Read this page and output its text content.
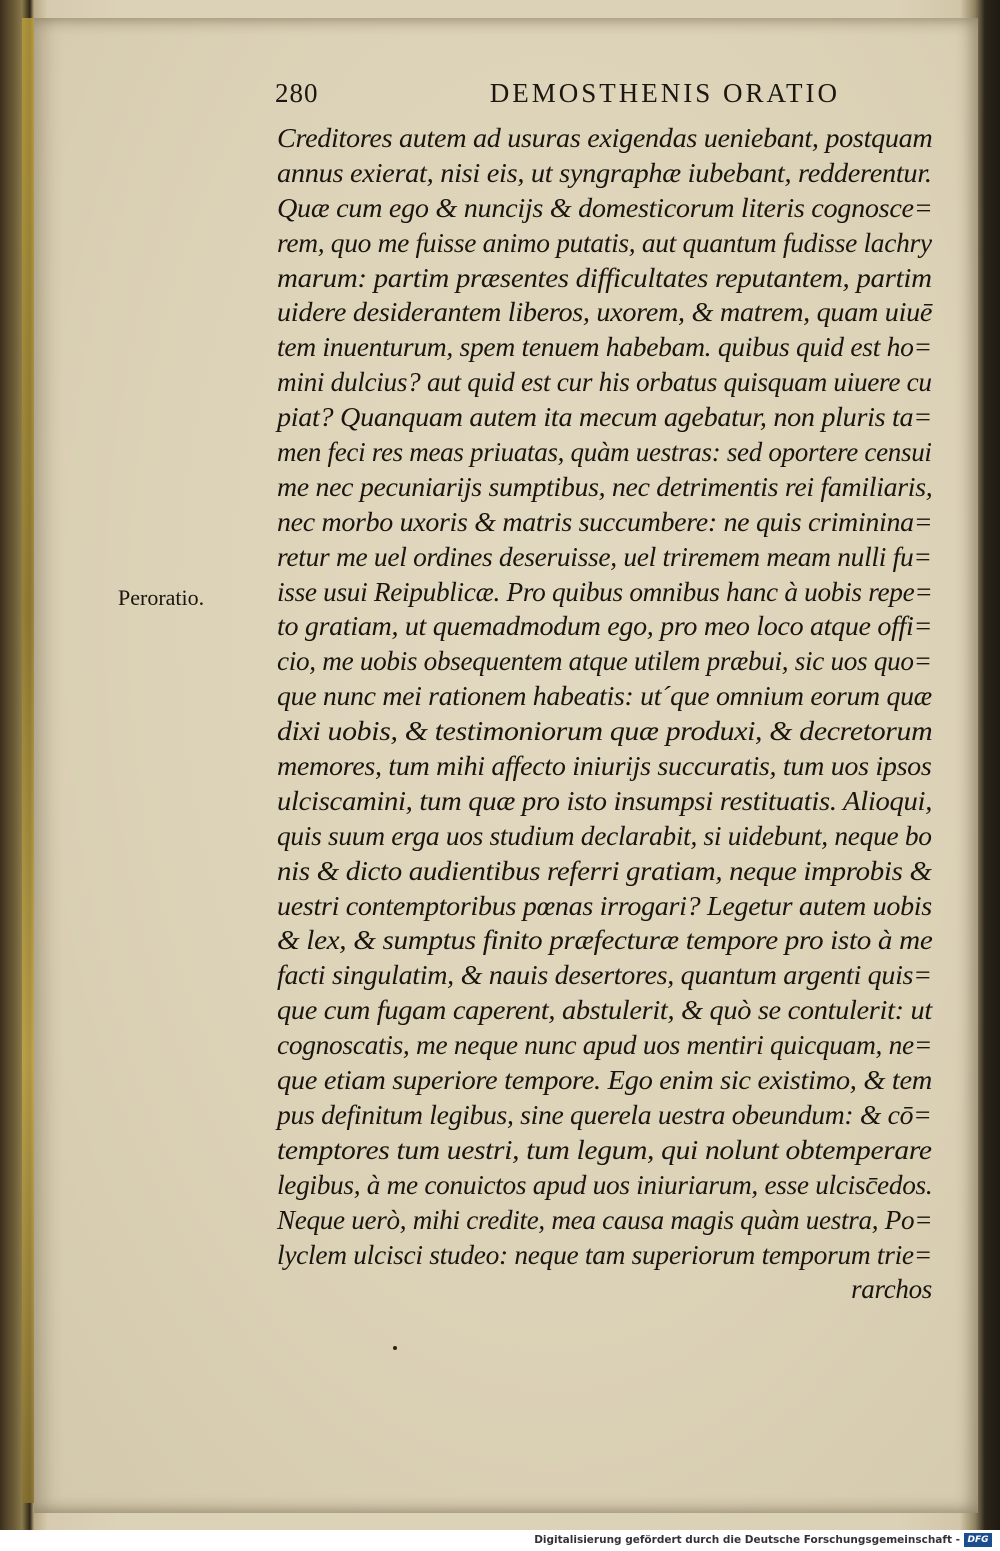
280	DEMOSTHENIS ORATIO
Peroratio.
Creditores autem ad usuras exigendas ueniebant, postquam
annus exierat, nisi eis, ut syngraphæ iubebant, redderentur.
Quæ cum ego & nuncijs & domesticorum literis cognosce=
rem, quo me fuisse animo putatis, aut quantum fudisse lachry
marum: partim præsentes difficultates reputantem, partim
uidere desiderantem liberos, uxorem, & matrem, quam uiuē
tem inuenturum, spem tenuem habebam. quibus quid est ho=
mini dulcius? aut quid est cur his orbatus quisquam uiuere cu
piat? Quanquam autem ita mecum agebatur, non pluris ta=
men feci res meas priuatas, quàm uestras: sed oportere censui
me nec pecuniarijs sumptibus, nec detrimentis rei familiaris,
nec morbo uxoris & matris succumbere: ne quis criminina=
retur me uel ordines deseruisse, uel triremem meam nulli fu=
isse usui Reipublicæ. Pro quibus omnibus hanc à uobis repe=
to gratiam, ut quemadmodum ego, pro meo loco atque offi=
cio, me uobis obsequentem atque utilem præbui, sic uos quo=
que nunc mei rationem habeatis: ut´que omnium eorum quæ
dixi uobis, & testimoniorum quæ produxi, & decretorum
memores, tum mihi affecto iniurijs succuratis, tum uos ipsos
ulciscamini, tum quæ pro isto insumpsi restituatis. Alioqui,
quis suum erga uos studium declarabit, si uidebunt, neque bo
nis & dicto audientibus referri gratiam, neque improbis &
uestri contemptoribus pœnas irrogari? Legetur autem uobis
& lex, & sumptus finito præfecturæ tempore pro isto à me
facti singulatim, & nauis desertores, quantum argenti quis=
que cum fugam caperent, abstulerit, & quò se contulerit: ut
cognoscatis, me neque nunc apud uos mentiri quicquam, ne=
que etiam superiore tempore. Ego enim sic existimo, & tem
pus definitum legibus, sine querela uestra obeundum: & cō=
temptores tum uestri, tum legum, qui nolunt obtemperare
legibus, à me conuictos apud uos iniuriarum, esse ulcisc̄edos.
Neque uerò, mihi credite, mea causa magis quàm uestra, Po=
lyclem ulcisci studeo: neque tam superiorum temporum trie=
rarchos
Digitalisierung gefördert durch die Deutsche Forschungsgemeinschaft - DFG
